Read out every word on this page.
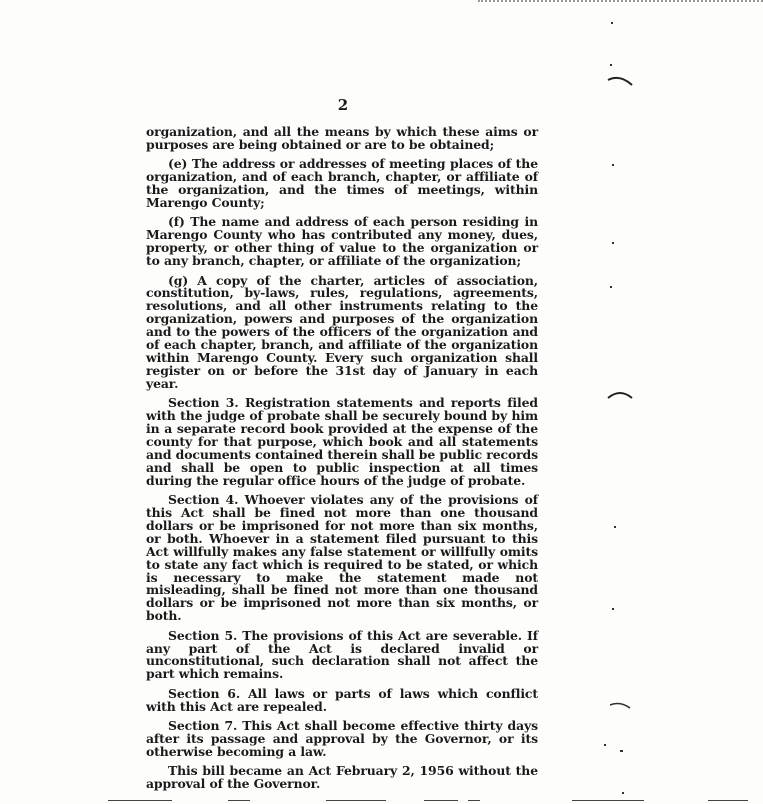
2

organization, and all the means by which these aims or purposes are being obtained or are to be obtained;

(e) The address or addresses of meeting places of the organization, and of each branch, chapter, or affiliate of the organization, and the times of meetings, within Marengo County;

(f) The name and address of each person residing in Marengo County who has contributed any money, dues, property, or other thing of value to the organization or to any branch, chapter, or affiliate of the organization;

(g) A copy of the charter, articles of association, constitution, by-laws, rules, regulations, agreements, resolutions, and all other instruments relating to the organization, powers and purposes of the organization and to the powers of the officers of the organization and of each chapter, branch, and affiliate of the organization within Marengo County. Every such organization shall register on or before the 31st day of January in each year.

Section 3. Registration statements and reports filed with the judge of probate shall be securely bound by him in a separate record book provided at the expense of the county for that purpose, which book and all statements and documents contained therein shall be public records and shall be open to public inspection at all times during the regular office hours of the judge of probate.

Section 4. Whoever violates any of the provisions of this Act shall be fined not more than one thousand dollars or be imprisoned for not more than six months, or both. Whoever in a statement filed pursuant to this Act willfully makes any false statement or willfully omits to state any fact which is required to be stated, or which is necessary to make the statement made not misleading, shall be fined not more than one thousand dollars or be imprisoned not more than six months, or both.

Section 5. The provisions of this Act are severable. If any part of the Act is declared invalid or unconstitutional, such declaration shall not affect the part which remains.

Section 6. All laws or parts of laws which conflict with this Act are repealed.

Section 7. This Act shall become effective thirty days after its passage and approval by the Governor, or its otherwise becoming a law.

This bill became an Act February 2, 1956 without the approval of the Governor.
